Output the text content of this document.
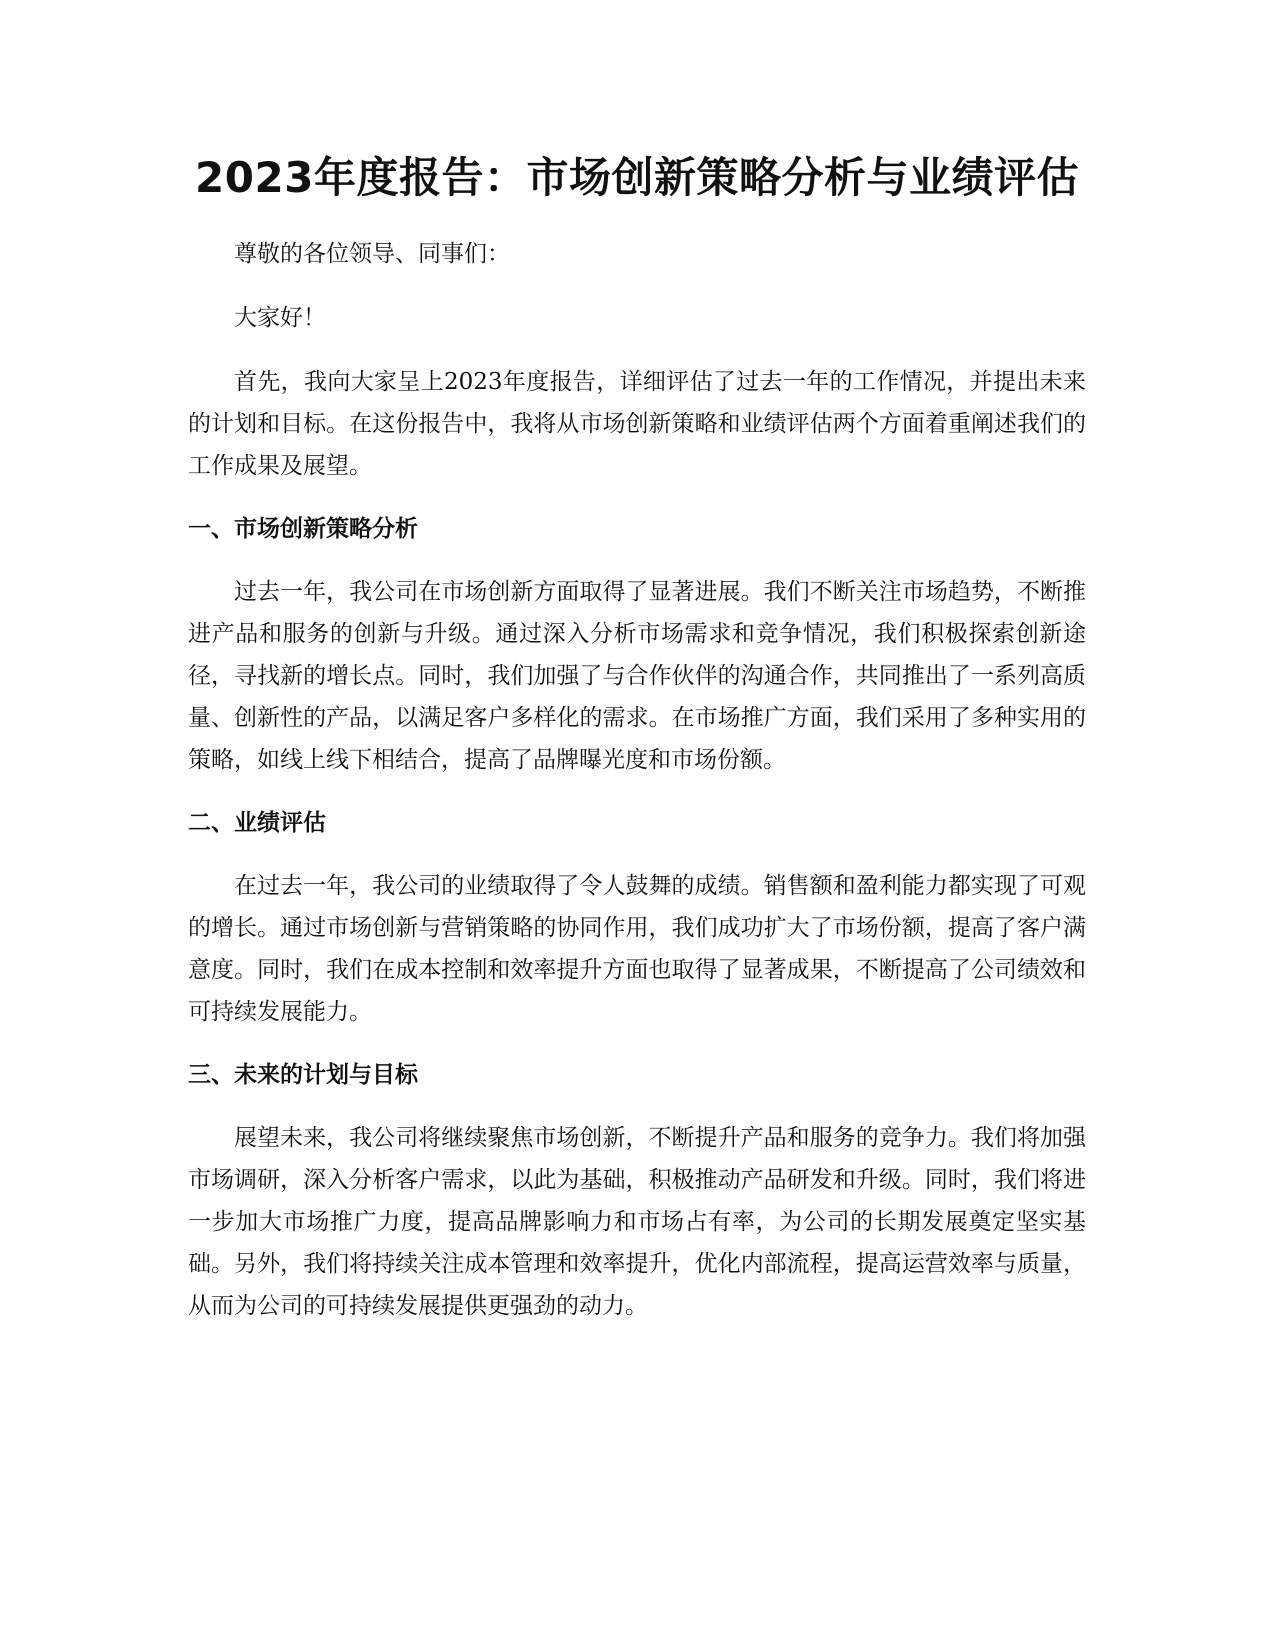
2023年度报告：市场创新策略分析与业绩评估

尊敬的各位领导、同事们：

大家好！

首先，我向大家呈上2023年度报告，详细评估了过去一年的工作情况，并提出未来的计划和目标。在这份报告中，我将从市场创新策略和业绩评估两个方面着重阐述我们的工作成果及展望。

一、市场创新策略分析

过去一年，我公司在市场创新方面取得了显著进展。我们不断关注市场趋势，不断推进产品和服务的创新与升级。通过深入分析市场需求和竞争情况，我们积极探索创新途径，寻找新的增长点。同时，我们加强了与合作伙伴的沟通合作，共同推出了一系列高质量、创新性的产品，以满足客户多样化的需求。在市场推广方面，我们采用了多种实用的策略，如线上线下相结合，提高了品牌曝光度和市场份额。

二、业绩评估

在过去一年，我公司的业绩取得了令人鼓舞的成绩。销售额和盈利能力都实现了可观的增长。通过市场创新与营销策略的协同作用，我们成功扩大了市场份额，提高了客户满意度。同时，我们在成本控制和效率提升方面也取得了显著成果，不断提高了公司绩效和可持续发展能力。

三、未来的计划与目标

展望未来，我公司将继续聚焦市场创新，不断提升产品和服务的竞争力。我们将加强市场调研，深入分析客户需求，以此为基础，积极推动产品研发和升级。同时，我们将进一步加大市场推广力度，提高品牌影响力和市场占有率，为公司的长期发展奠定坚实基础。另外，我们将持续关注成本管理和效率提升，优化内部流程，提高运营效率与质量，从而为公司的可持续发展提供更强劲的动力。
